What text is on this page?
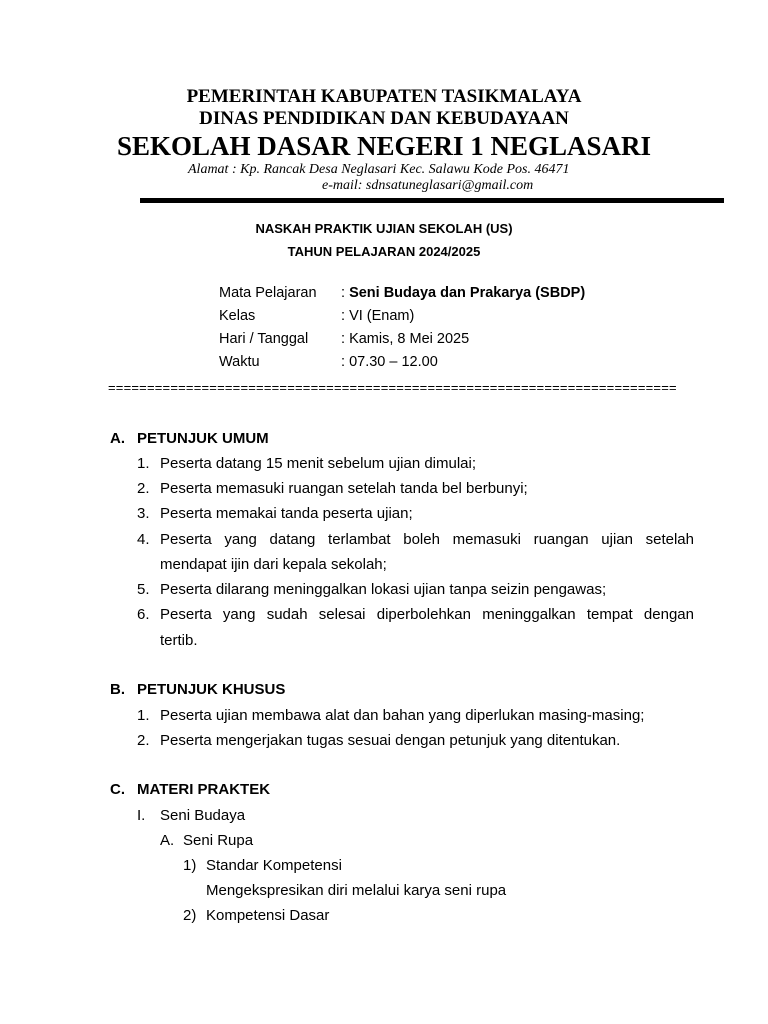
PEMERINTAH KABUPATEN TASIKMALAYA
DINAS PENDIDIKAN DAN KEBUDAYAAN
SEKOLAH DASAR NEGERI 1 NEGLASARI
Alamat : Kp. Rancak Desa Neglasari Kec. Salawu Kode Pos. 46471
e-mail: sdnsatuneglasari@gmail.com
NASKAH PRAKTIK UJIAN SEKOLAH (US)
TAHUN PELAJARAN 2024/2025
Mata Pelajaran : Seni Budaya dan Prakarya (SBDP)
Kelas	: VI (Enam)
Hari / Tanggal : Kamis, 8 Mei 2025
Waktu	: 07.30 – 12.00
=========================================================================
A. PETUNJUK UMUM
1. Peserta datang 15 menit sebelum ujian dimulai;
2. Peserta memasuki ruangan setelah tanda bel berbunyi;
3. Peserta memakai tanda peserta ujian;
4. Peserta yang datang terlambat boleh memasuki ruangan ujian setelah
mendapat ijin dari kepala sekolah;
5. Peserta dilarang meninggalkan lokasi ujian tanpa seizin pengawas;
6. Peserta yang sudah selesai diperbolehkan meninggalkan tempat dengan
tertib.
B. PETUNJUK KHUSUS
1. Peserta ujian membawa alat dan bahan yang diperlukan masing-masing;
2. Peserta mengerjakan tugas sesuai dengan petunjuk yang ditentukan.
C. MATERI PRAKTEK
I. Seni Budaya
A. Seni Rupa
1) Standar Kompetensi
Mengekspresikan diri melalui karya seni rupa
2) Kompetensi Dasar
